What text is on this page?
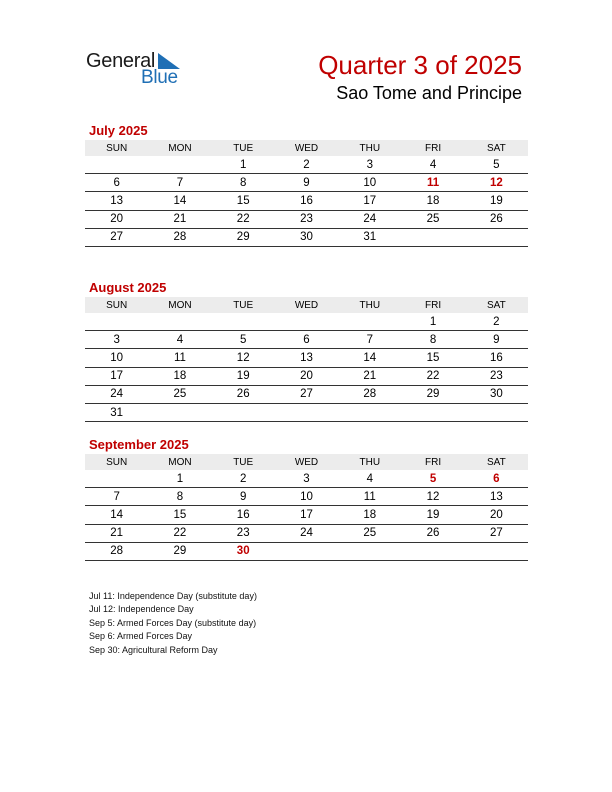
General
Blue	Quarter 3 of 2025
Sao Tome and Principe
July 2025
SUN	MON	TUE	WED	THU	FRI	SAT
		1	2	3	4	5
6	7	8	9	10	11	12
13	14	15	16	17	18	19
20	21	22	23	24	25	26
27	28	29	30	31		
August 2025
SUN	MON	TUE	WED	THU	FRI	SAT
					1	2
3	4	5	6	7	8	9
10	11	12	13	14	15	16
17	18	19	20	21	22	23
24	25	26	27	28	29	30
31						
September 2025
SUN	MON	TUE	WED	THU	FRI	SAT
	1	2	3	4	5	6
7	8	9	10	11	12	13
14	15	16	17	18	19	20
21	22	23	24	25	26	27
28	29	30				
Jul 11: Independence Day (substitute day)
Jul 12: Independence Day
Sep 5: Armed Forces Day (substitute day)
Sep 6: Armed Forces Day
Sep 30: Agricultural Reform Day
